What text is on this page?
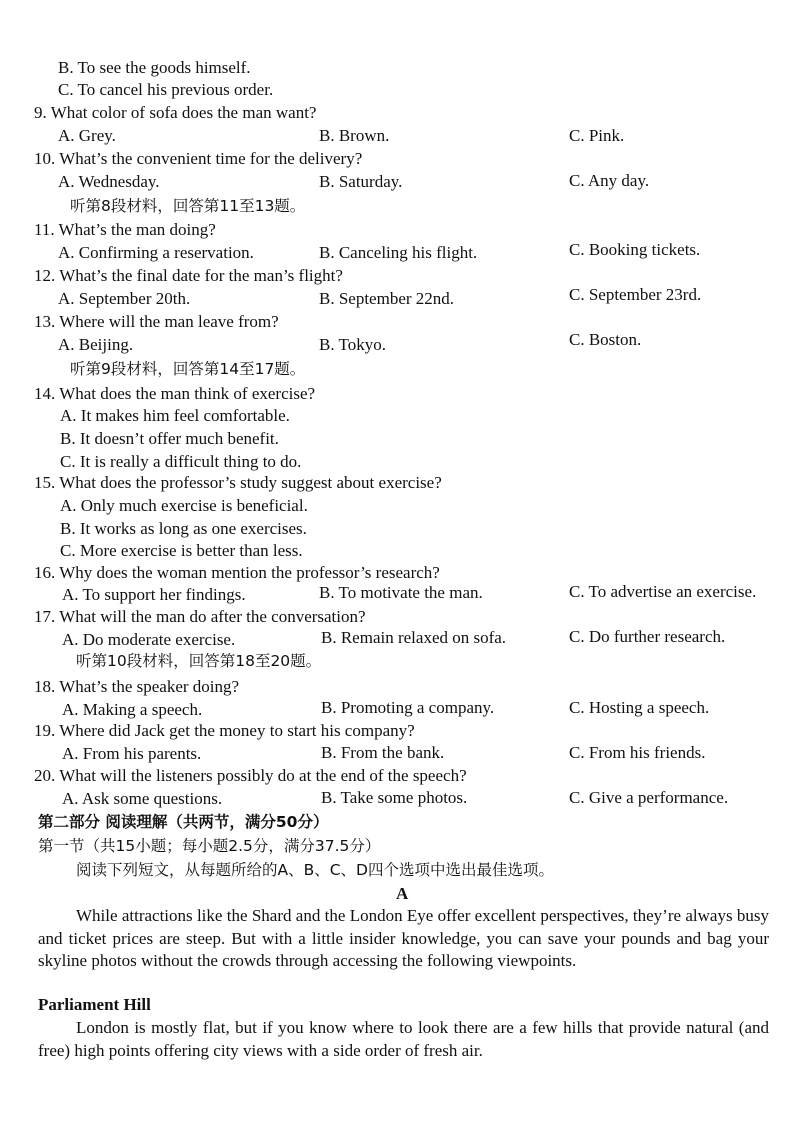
B. To see the goods himself.
C. To cancel his previous order.
9. What color of sofa does the man want?
A. Grey.	B. Brown.	C. Pink.
10. What’s the convenient time for the delivery?
A. Wednesday.	B. Saturday.	C. Any day.
听第8段材料，回答第11至13题。
11. What’s the man doing?
A. Confirming a reservation.	B. Canceling his flight.	C. Booking tickets.
12. What’s the final date for the man’s flight?
A. September 20th.	B. September 22nd.	C. September 23rd.
13. Where will the man leave from?
A. Beijing.	B. Tokyo.	C. Boston.
听第9段材料，回答第14至17题。
14. What does the man think of exercise?
A. It makes him feel comfortable.
B. It doesn’t offer much benefit.
C. It is really a difficult thing to do.
15. What does the professor’s study suggest about exercise?
A. Only much exercise is beneficial.
B. It works as long as one exercises.
C. More exercise is better than less.
16. Why does the woman mention the professor’s research?
A. To support her findings.	B. To motivate the man.	C. To advertise an exercise.
17. What will the man do after the conversation?
A. Do moderate exercise.	B. Remain relaxed on sofa.	C. Do further research.
听第10段材料，回答第18至20题。
18. What’s the speaker doing?
A. Making a speech.	B. Promoting a company.	C. Hosting a speech.
19. Where did Jack get the money to start his company?
A. From his parents.	B. From the bank.	C. From his friends.
20. What will the listeners possibly do at the end of the speech?
A. Ask some questions.	B. Take some photos.	C. Give a performance.
第二部分 阅读理解（共两节，满分50分）
第一节（共15小题；每小题2.5分，满分37.5分）
阅读下列短文，从每题所给的A、B、C、D四个选项中选出最佳选项。
A
While attractions like the Shard and the London Eye offer excellent perspectives, they’re always busy and ticket prices are steep. But with a little insider knowledge, you can save your pounds and bag your skyline photos without the crowds through accessing the following viewpoints.
Parliament Hill
London is mostly flat, but if you know where to look there are a few hills that provide natural (and free) high points offering city views with a side order of fresh air.
